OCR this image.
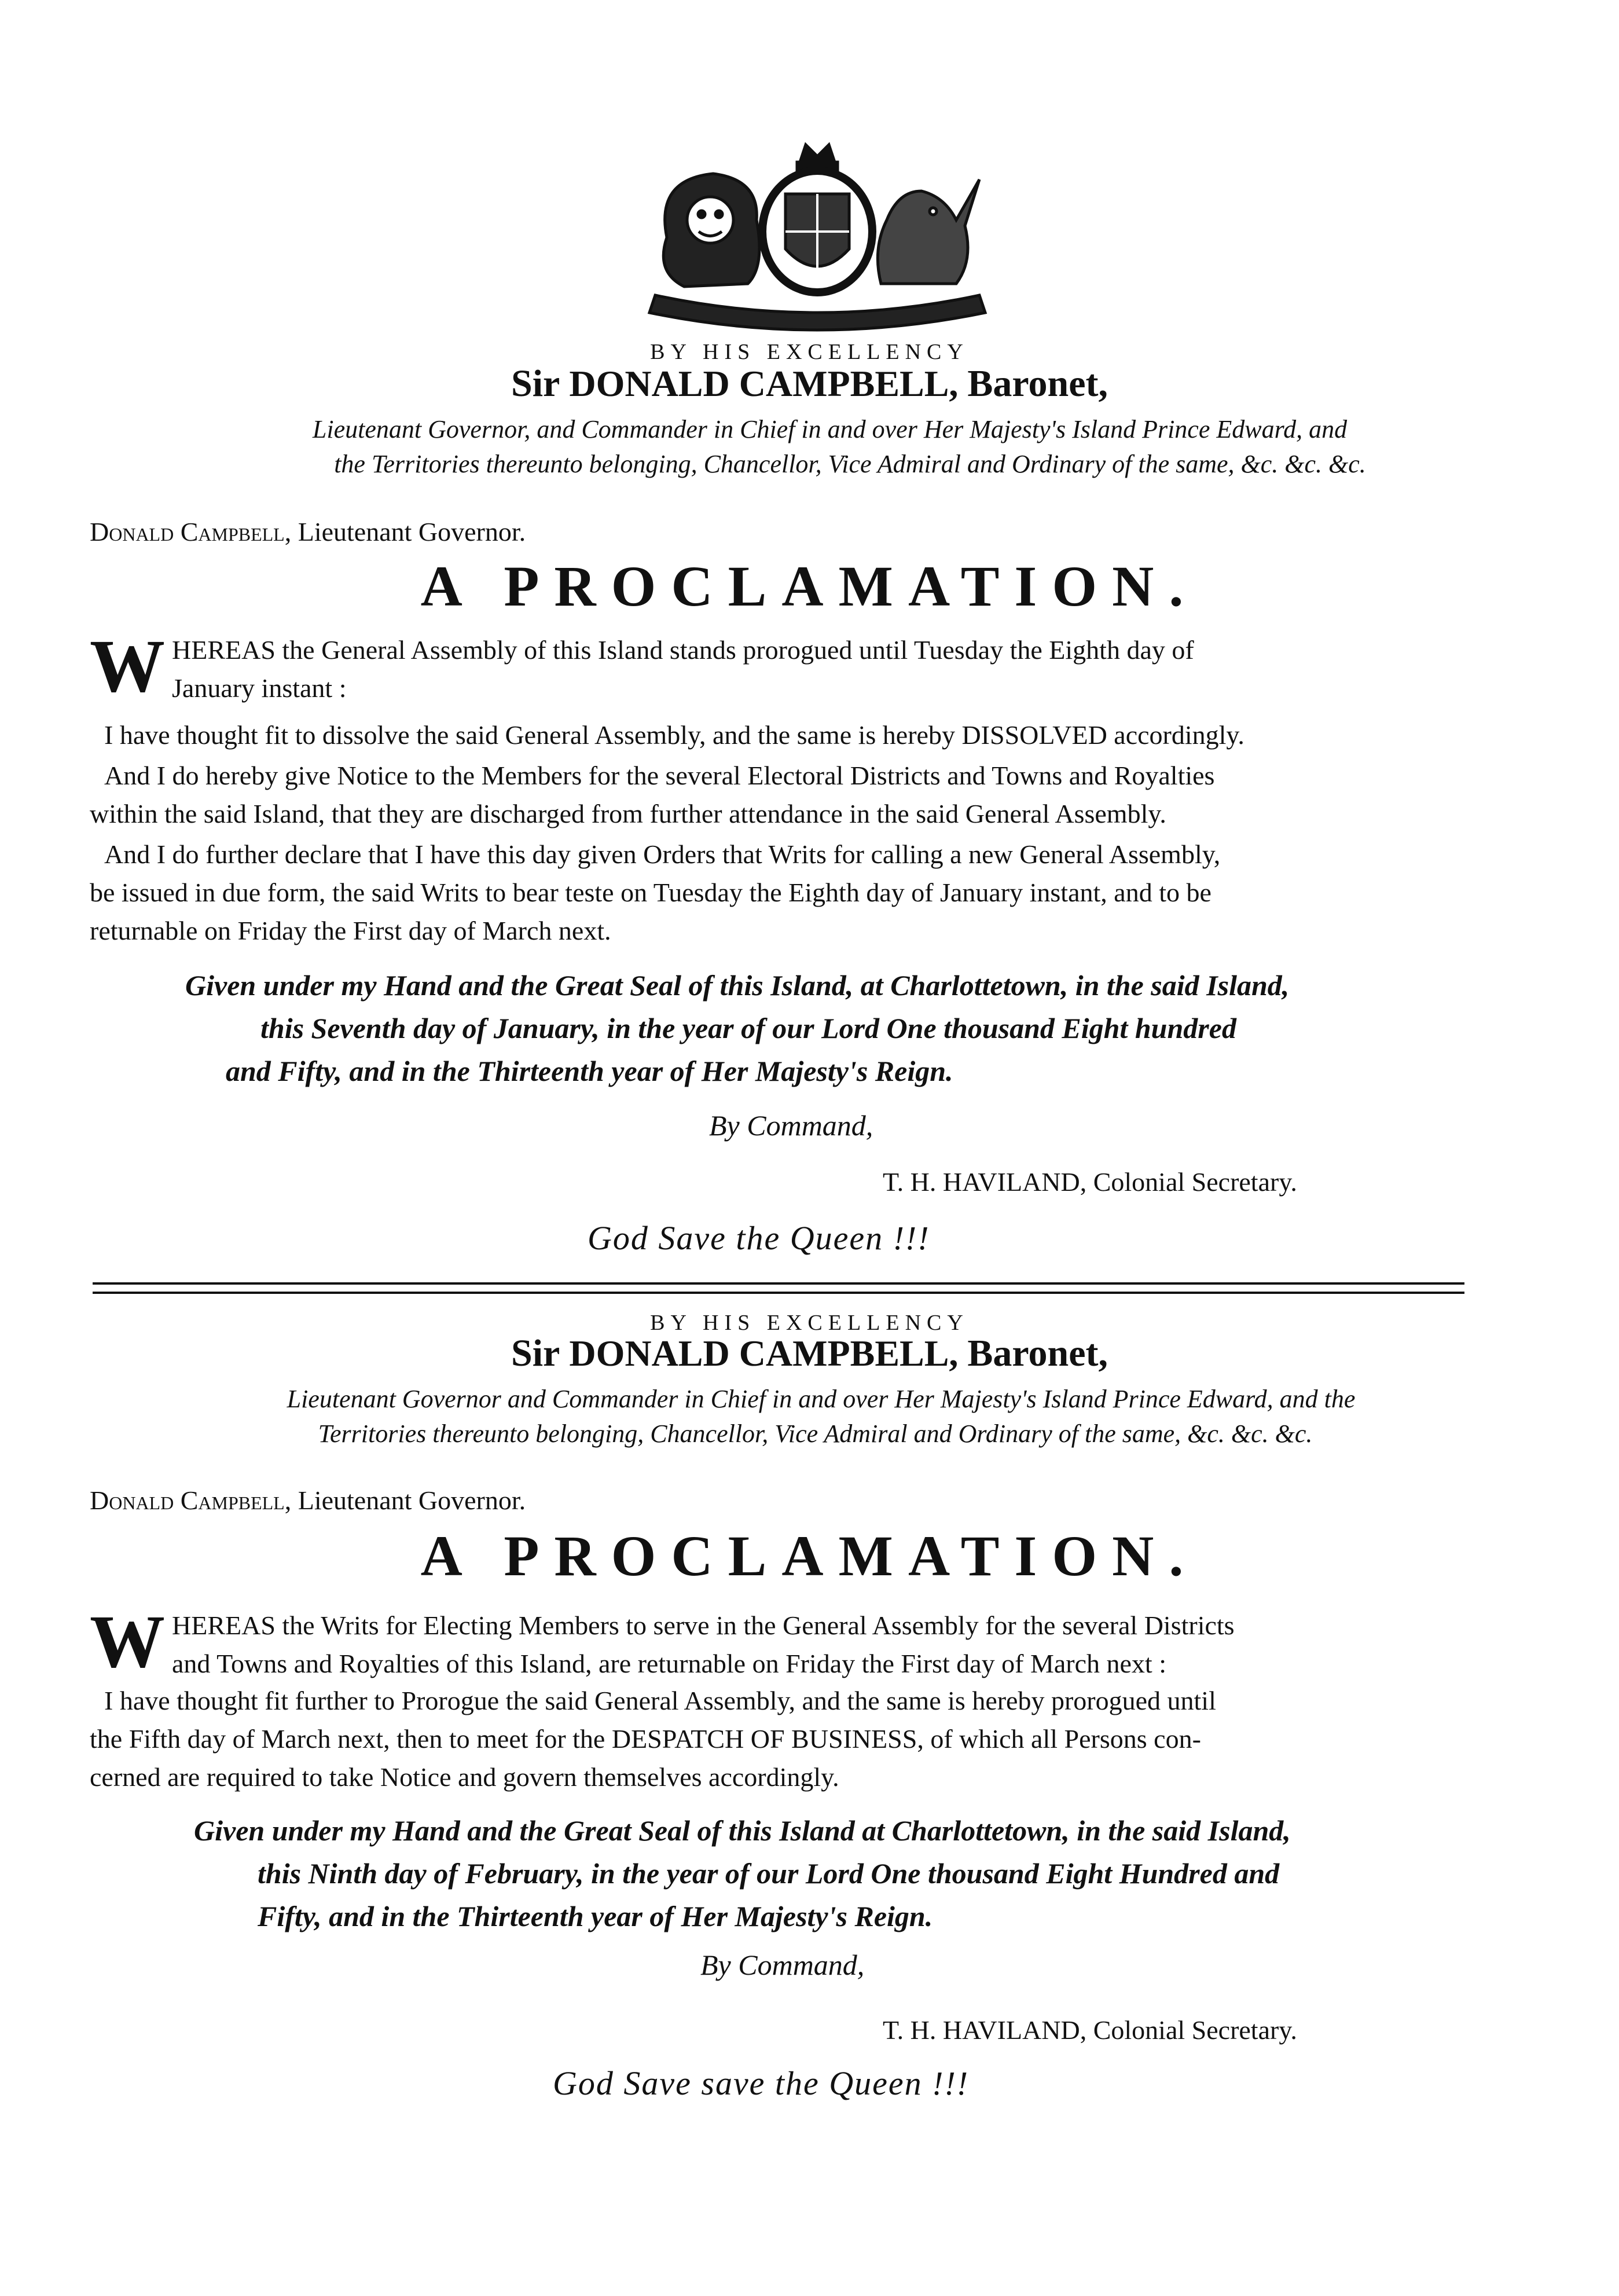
BY HIS EXCELLENCY
Sir DONALD CAMPBELL, Baronet,
Lieutenant Governor, and Commander in Chief in and over Her Majesty's Island Prince Edward, and
the Territories thereunto belonging, Chancellor, Vice Admiral and Ordinary of the same, &c. &c. &c.
Donald Campbell, Lieutenant Governor.
A PROCLAMATION.
W HEREAS the General Assembly of this Island stands prorogued until Tuesday the Eighth day of
January instant :
I have thought fit to dissolve the said General Assembly, and the same is hereby DISSOLVED accordingly.
And I do hereby give Notice to the Members for the several Electoral Districts and Towns and Royalties
within the said Island, that they are discharged from further attendance in the said General Assembly.
And I do further declare that I have this day given Orders that Writs for calling a new General Assembly,
be issued in due form, the said Writs to bear teste on Tuesday the Eighth day of January instant, and to be
returnable on Friday the First day of March next.
Given under my Hand and the Great Seal of this Island, at Charlottetown, in the said Island,
this Seventh day of January, in the year of our Lord One thousand Eight hundred
and Fifty, and in the Thirteenth year of Her Majesty's Reign.
By Command,
T. H. HAVILAND, Colonial Secretary.
God Save the Queen !!!
BY HIS EXCELLENCY
Sir DONALD CAMPBELL, Baronet,
Lieutenant Governor and Commander in Chief in and over Her Majesty's Island Prince Edward, and the
Territories thereunto belonging, Chancellor, Vice Admiral and Ordinary of the same, &c. &c. &c.
Donald Campbell, Lieutenant Governor.
A PROCLAMATION.
W HEREAS the Writs for Electing Members to serve in the General Assembly for the several Districts
and Towns and Royalties of this Island, are returnable on Friday the First day of March next :
I have thought fit further to Prorogue the said General Assembly, and the same is hereby prorogued until
the Fifth day of March next, then to meet for the DESPATCH OF BUSINESS, of which all Persons con-
cerned are required to take Notice and govern themselves accordingly.
Given under my Hand and the Great Seal of this Island at Charlottetown, in the said Island,
this Ninth day of February, in the year of our Lord One thousand Eight Hundred and
Fifty, and in the Thirteenth year of Her Majesty's Reign.
By Command,
T. H. HAVILAND, Colonial Secretary.
God Save save the Queen !!!
